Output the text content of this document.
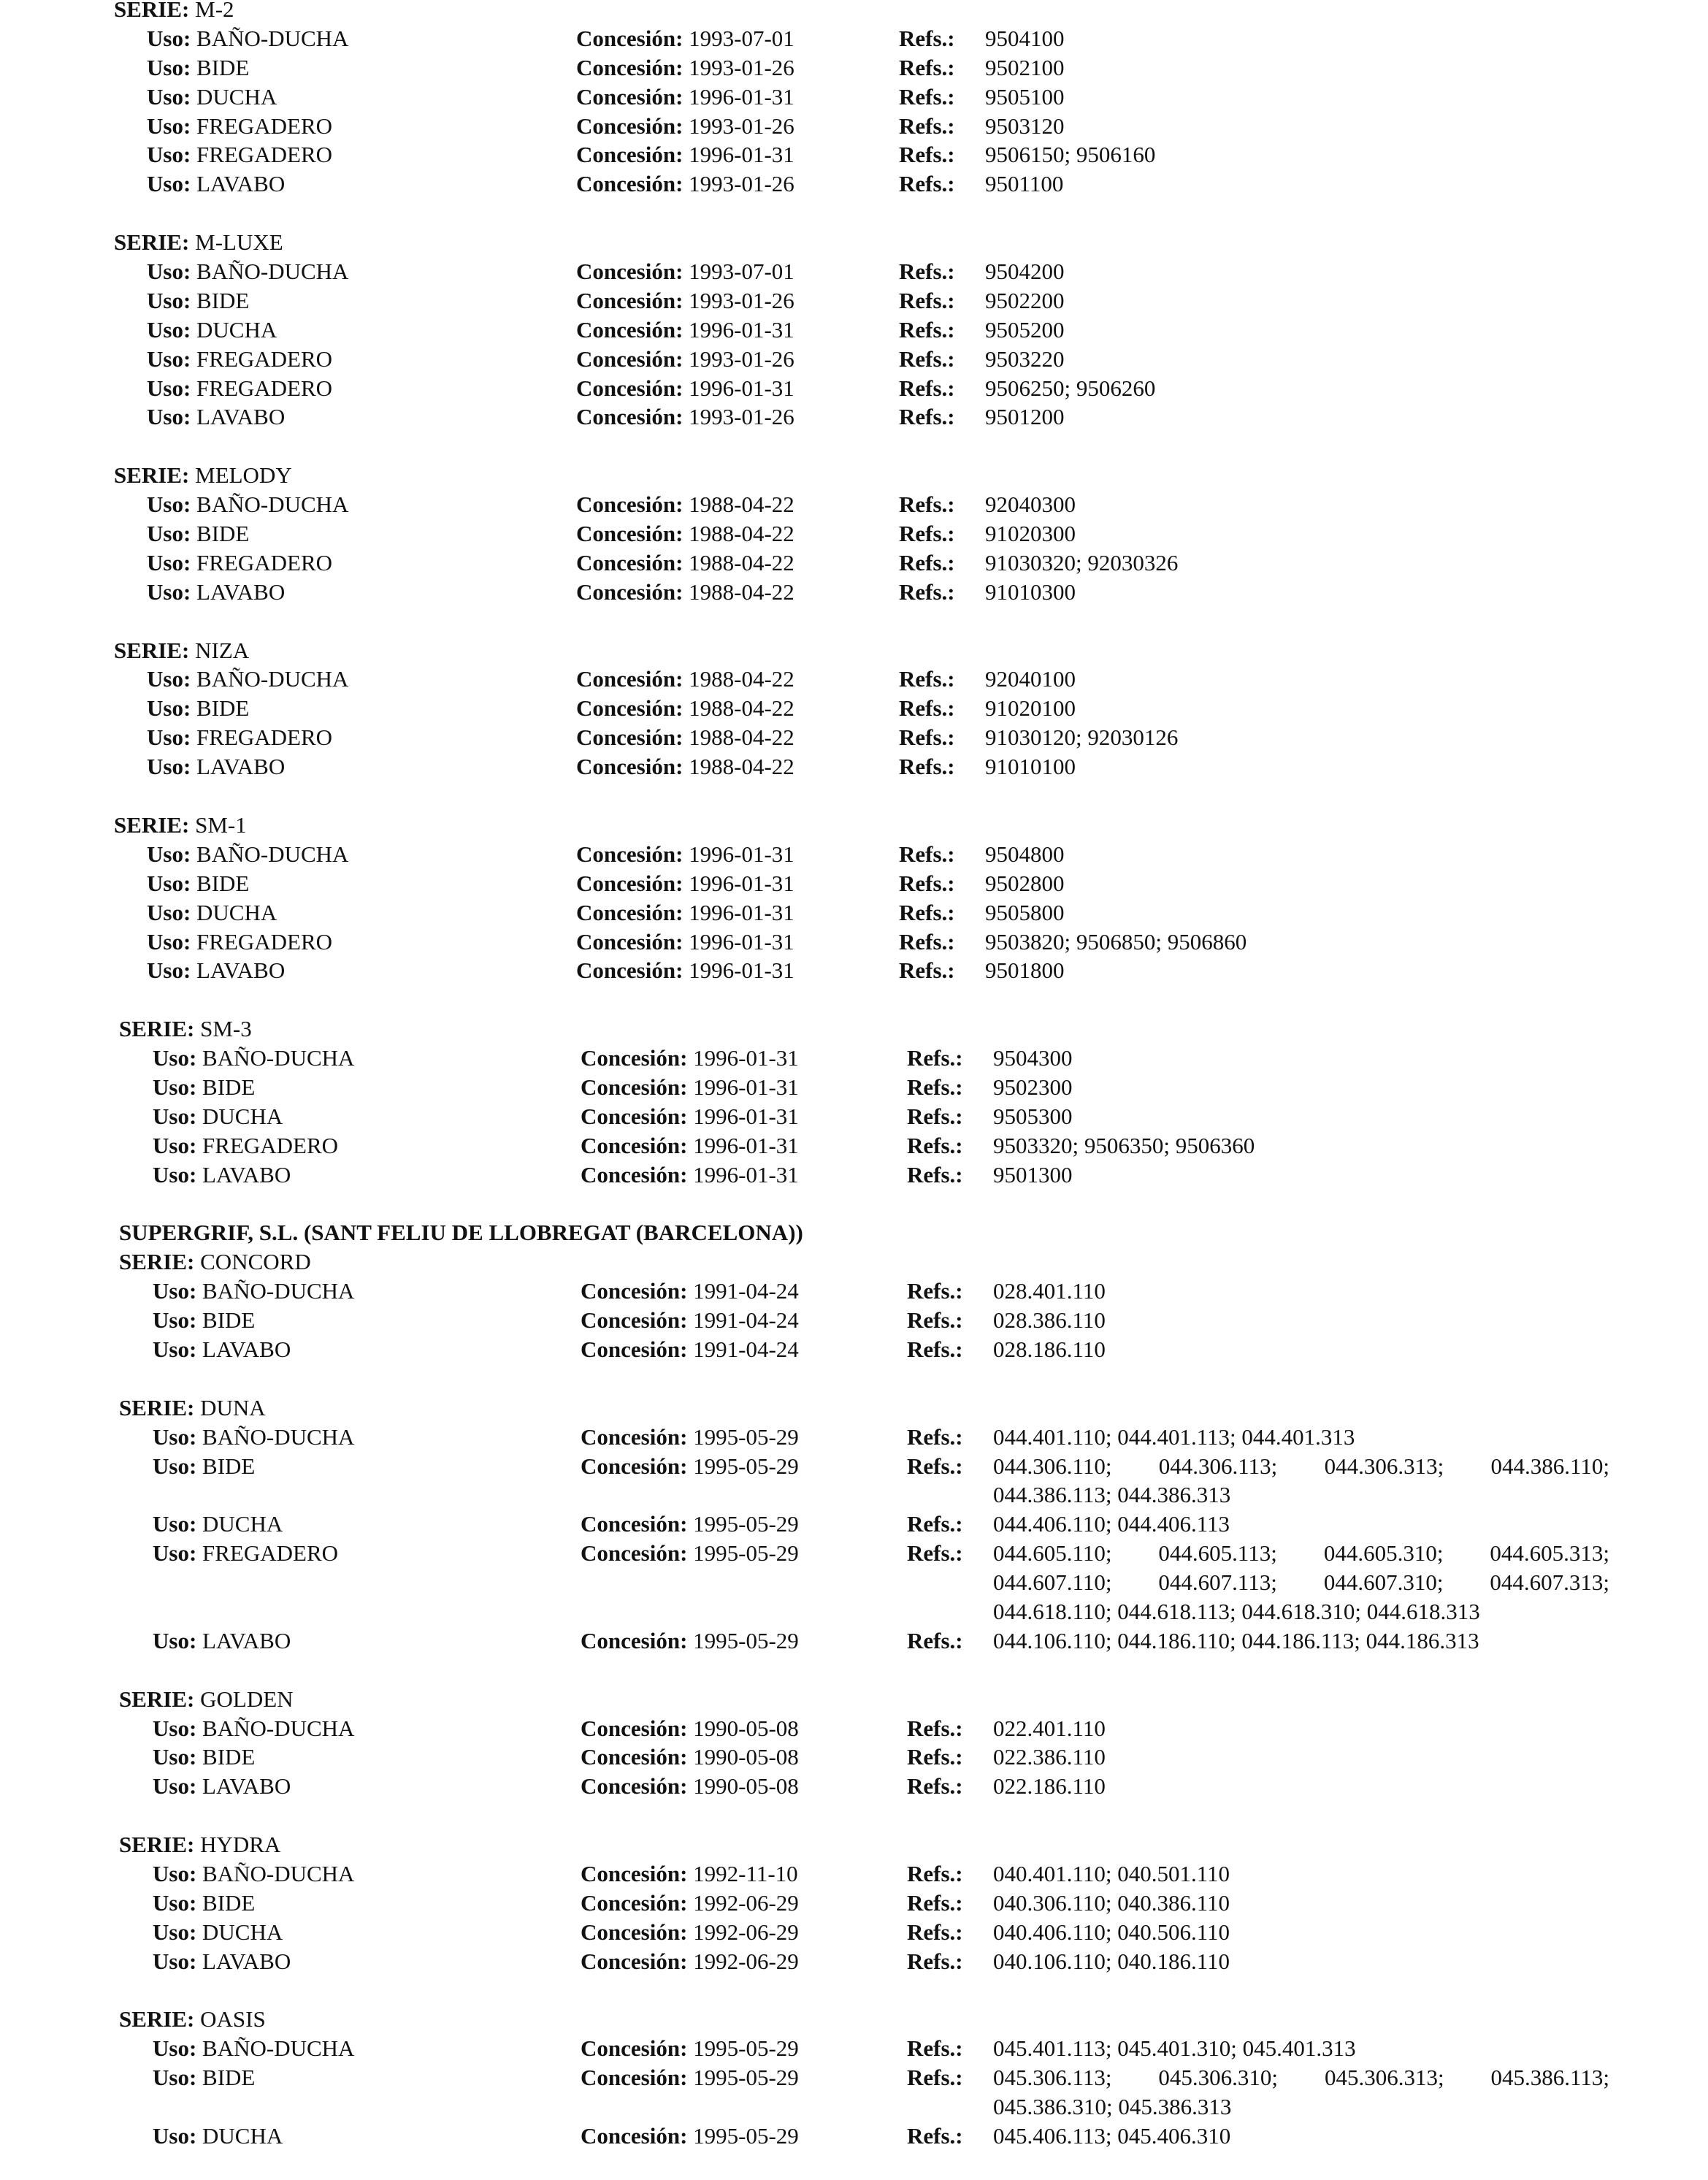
SERIE: M-2
Uso: BAÑO-DUCHA	Concesión: 1993-07-01	Refs.: 9504100
Uso: BIDE	Concesión: 1993-01-26	Refs.: 9502100
Uso: DUCHA	Concesión: 1996-01-31	Refs.: 9505100
Uso: FREGADERO	Concesión: 1993-01-26	Refs.: 9503120
Uso: FREGADERO	Concesión: 1996-01-31	Refs.: 9506150; 9506160
Uso: LAVABO	Concesión: 1993-01-26	Refs.: 9501100
SERIE: M-LUXE
Uso: BAÑO-DUCHA	Concesión: 1993-07-01	Refs.: 9504200
Uso: BIDE	Concesión: 1993-01-26	Refs.: 9502200
Uso: DUCHA	Concesión: 1996-01-31	Refs.: 9505200
Uso: FREGADERO	Concesión: 1993-01-26	Refs.: 9503220
Uso: FREGADERO	Concesión: 1996-01-31	Refs.: 9506250; 9506260
Uso: LAVABO	Concesión: 1993-01-26	Refs.: 9501200
SERIE: MELODY
Uso: BAÑO-DUCHA	Concesión: 1988-04-22	Refs.: 92040300
Uso: BIDE	Concesión: 1988-04-22	Refs.: 91020300
Uso: FREGADERO	Concesión: 1988-04-22	Refs.: 91030320; 92030326
Uso: LAVABO	Concesión: 1988-04-22	Refs.: 91010300
SERIE: NIZA
Uso: BAÑO-DUCHA	Concesión: 1988-04-22	Refs.: 92040100
Uso: BIDE	Concesión: 1988-04-22	Refs.: 91020100
Uso: FREGADERO	Concesión: 1988-04-22	Refs.: 91030120; 92030126
Uso: LAVABO	Concesión: 1988-04-22	Refs.: 91010100
SERIE: SM-1
Uso: BAÑO-DUCHA	Concesión: 1996-01-31	Refs.: 9504800
Uso: BIDE	Concesión: 1996-01-31	Refs.: 9502800
Uso: DUCHA	Concesión: 1996-01-31	Refs.: 9505800
Uso: FREGADERO	Concesión: 1996-01-31	Refs.: 9503820; 9506850; 9506860
Uso: LAVABO	Concesión: 1996-01-31	Refs.: 9501800
SERIE: SM-3
Uso: BAÑO-DUCHA	Concesión: 1996-01-31	Refs.: 9504300
Uso: BIDE	Concesión: 1996-01-31	Refs.: 9502300
Uso: DUCHA	Concesión: 1996-01-31	Refs.: 9505300
Uso: FREGADERO	Concesión: 1996-01-31	Refs.: 9503320; 9506350; 9506360
Uso: LAVABO	Concesión: 1996-01-31	Refs.: 9501300
SUPERGRIF, S.L. (SANT FELIU DE LLOBREGAT (BARCELONA))
SERIE: CONCORD
Uso: BAÑO-DUCHA	Concesión: 1991-04-24	Refs.: 028.401.110
Uso: BIDE	Concesión: 1991-04-24	Refs.: 028.386.110
Uso: LAVABO	Concesión: 1991-04-24	Refs.: 028.186.110
SERIE: DUNA
Uso: BAÑO-DUCHA	Concesión: 1995-05-29	Refs.: 044.401.110; 044.401.113; 044.401.313
Uso: BIDE	Concesión: 1995-05-29	Refs.: 044.306.110; 044.306.113; 044.306.313; 044.386.110;
044.386.113; 044.386.313
Uso: DUCHA	Concesión: 1995-05-29	Refs.: 044.406.110; 044.406.113
Uso: FREGADERO	Concesión: 1995-05-29	Refs.: 044.605.110; 044.605.113; 044.605.310; 044.605.313;
044.607.110; 044.607.113; 044.607.310; 044.607.313;
044.618.110; 044.618.113; 044.618.310; 044.618.313
Uso: LAVABO	Concesión: 1995-05-29	Refs.: 044.106.110; 044.186.110; 044.186.113; 044.186.313
SERIE: GOLDEN
Uso: BAÑO-DUCHA	Concesión: 1990-05-08	Refs.: 022.401.110
Uso: BIDE	Concesión: 1990-05-08	Refs.: 022.386.110
Uso: LAVABO	Concesión: 1990-05-08	Refs.: 022.186.110
SERIE: HYDRA
Uso: BAÑO-DUCHA	Concesión: 1992-11-10	Refs.: 040.401.110; 040.501.110
Uso: BIDE	Concesión: 1992-06-29	Refs.: 040.306.110; 040.386.110
Uso: DUCHA	Concesión: 1992-06-29	Refs.: 040.406.110; 040.506.110
Uso: LAVABO	Concesión: 1992-06-29	Refs.: 040.106.110; 040.186.110
SERIE: OASIS
Uso: BAÑO-DUCHA	Concesión: 1995-05-29	Refs.: 045.401.113; 045.401.310; 045.401.313
Uso: BIDE	Concesión: 1995-05-29	Refs.: 045.306.113; 045.306.310; 045.306.313; 045.386.113;
045.386.310; 045.386.313
Uso: DUCHA	Concesión: 1995-05-29	Refs.: 045.406.113; 045.406.310
